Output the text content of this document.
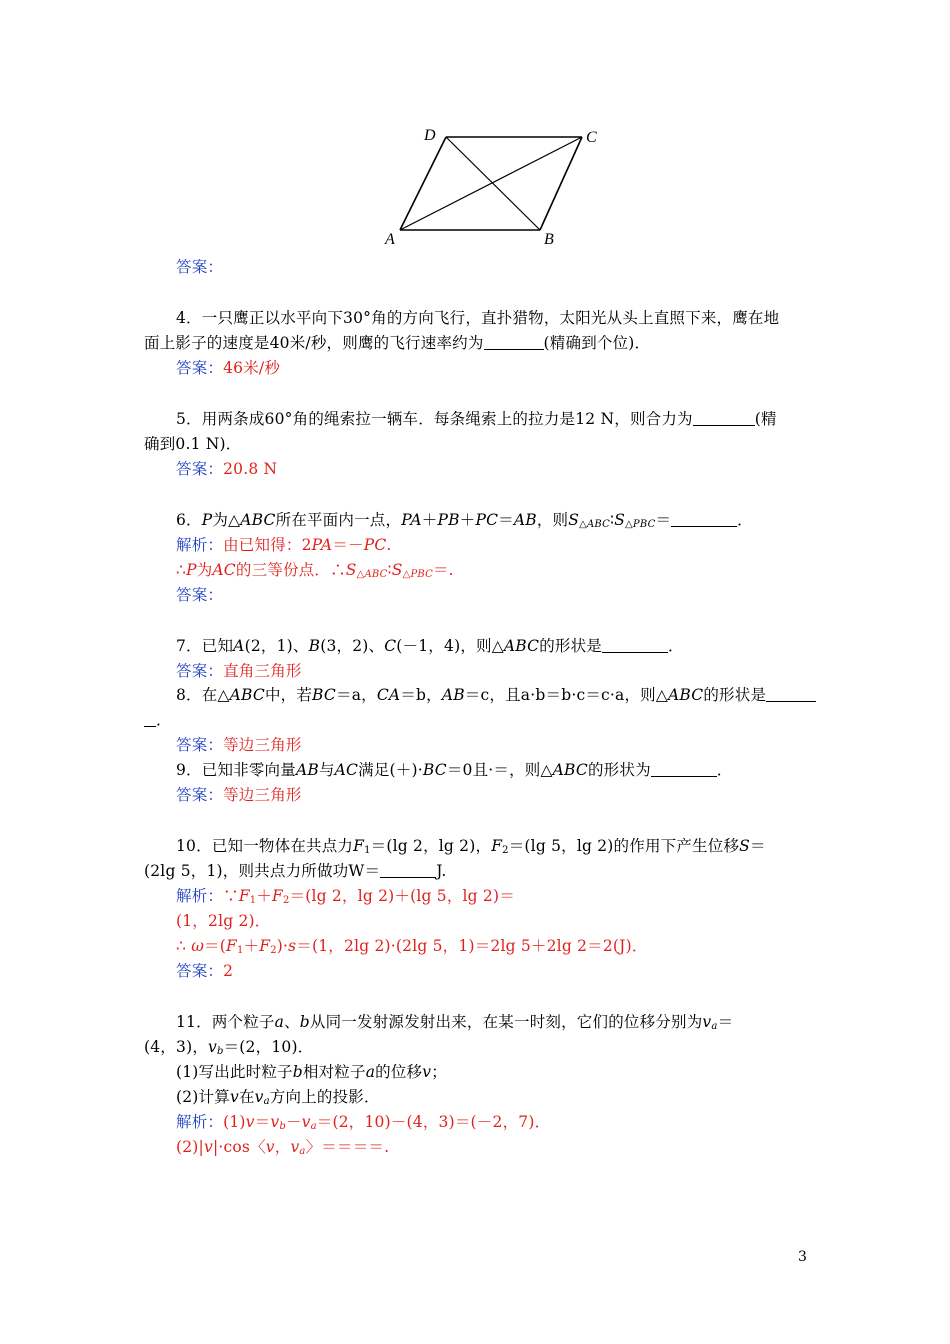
D	C
A	B
答案：
4．一只鹰正以水平向下30°角的方向飞行，直扑猎物，太阳光从头上直照下来，鹰在地
面上影子的速度是40米/秒，则鹰的飞行速率约为	(精确到个位)．
答案：46米/秒
5．用两条成60°角的绳索拉一辆车．每条绳索上的拉力是12 N，则合力为	(精
确到0.1 N)．
答案：20.8 N
6．P为△ABC所在平面内一点，PA＋PB＋PC＝AB，则$S_{\triangle ABC}∶S_{\triangle PBC}=$	．
解析：由已知得：2PA＝－PC.
∴P为AC的三等份点．$\therefore S_{\triangle ABC}∶S_{\triangle PBC}=$.
答案：
7．已知A(2，1)、B(3，2)、C(－1，4)，则△ABC的形状是	．
答案：直角三角形
8．在△ABC中，若BC＝a，CA＝b，AB＝c，且a·b＝b·c＝c·a，则△ABC的形状是
．
答案：等边三角形
9．已知非零向量AB与AC满足(＋)·BC＝0且·＝，则△ABC的形状为	．
答案：等边三角形
10．已知一物体在共点力$F_1=(\lg$ 2，lg 2)，$F_2=(\lg$ 5，lg 2)的作用下产生位移S＝
(2lg 5，1)，则共点力所做功W＝	J.
解析：$\because F_1+F_2=(\lg$ 2，lg 2)＋(lg 5，lg 2)＝
(1，2lg 2)．
∴ $\omega=(F_1+F_2)\cdot s=(1$，2lg 2)·(2lg 5，1)＝2lg 5＋2lg 2＝2(J)．
答案：2
11．两个粒子a、b从同一发射源发射出来，在某一时刻，它们的位移分别为$v_a=$
(4，3)，$v_b=(2$，10)．
(1)写出此时粒子b相对粒子a的位移v；
(2)计算v在$v_a$方向上的投影．
解析：$(1)v=v_b-v_a=(2$，10)－(4，3)＝(－2，7)．
(2)|v|·cos〈v，$v_a$〉＝＝＝＝.
3
